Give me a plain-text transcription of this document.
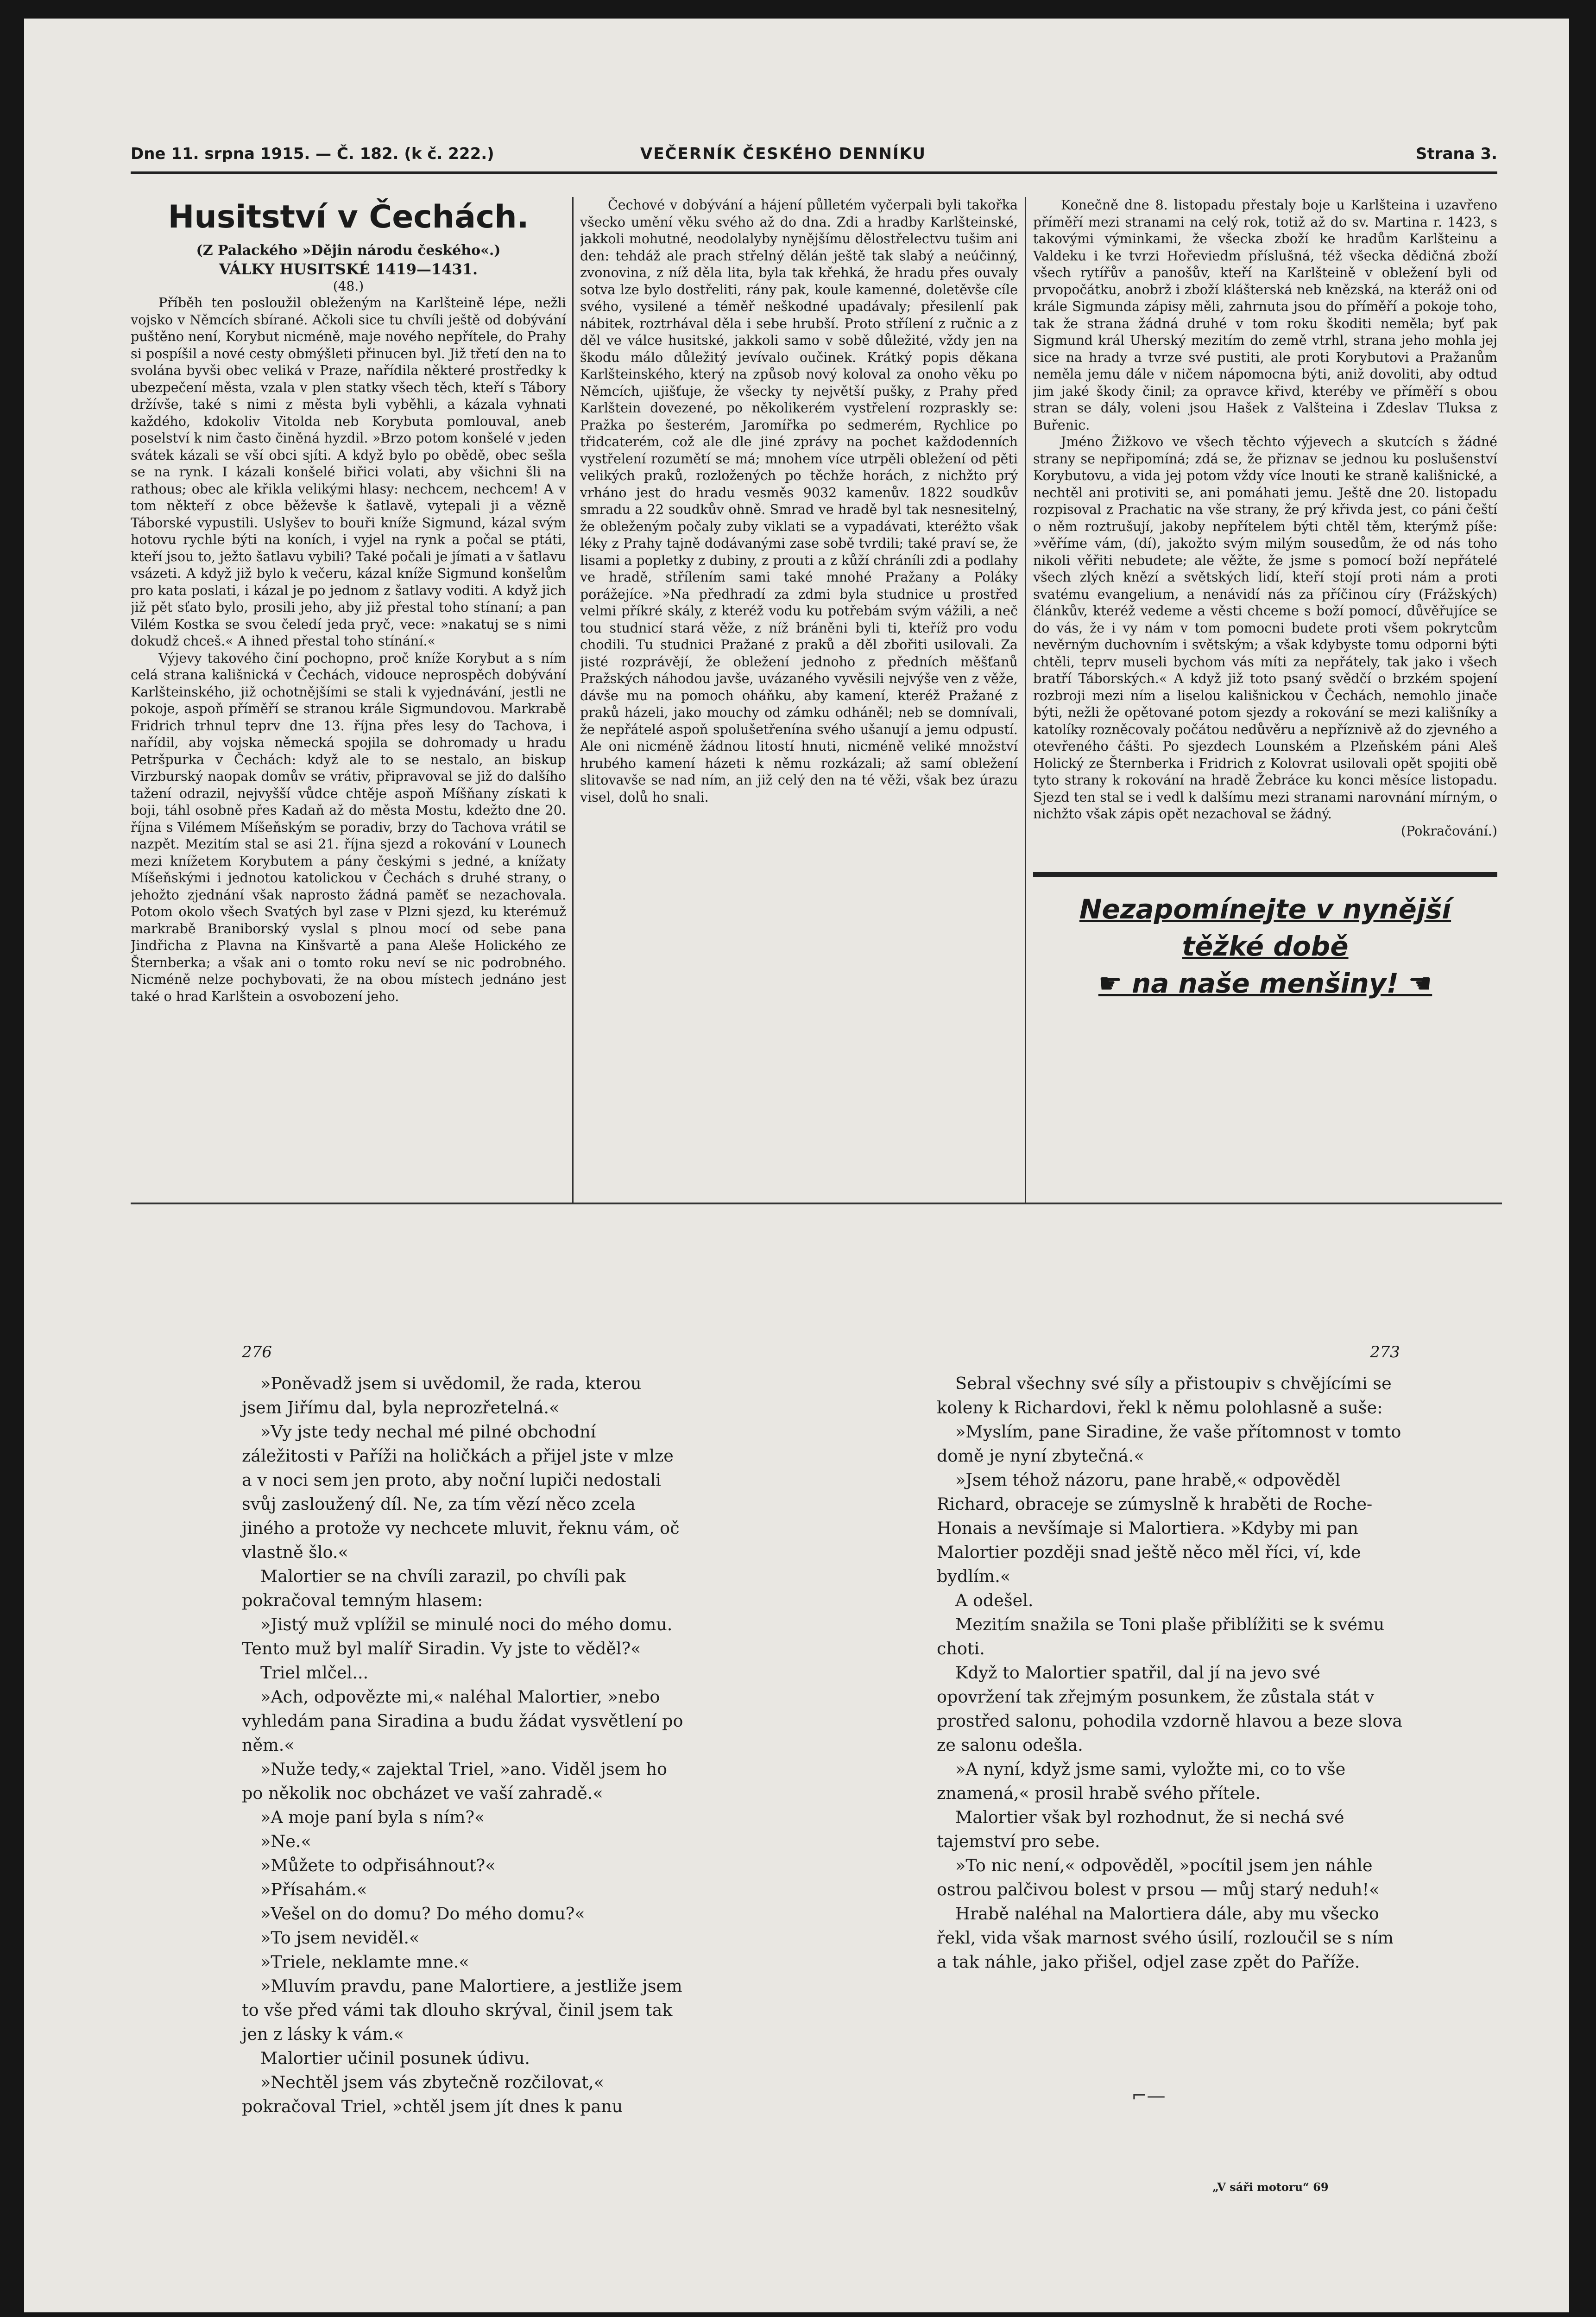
Dne 11. srpna 1915. — Č. 182. (k č. 222.)	VEČERNÍK ČESKÉHO DENNÍKU	Strana 3.
Husitství v Čechách.

(Z Palackého »Dějin národu českého«.)

VÁLKY HUSITSKÉ 1419—1431.

(48.)

Příběh ten posloužil obleženým na Karlšteině lépe, nežli vojsko v Němcích sbírané. Ačkoli sice tu chvíli ještě od dobývání puštěno není, Korybut nicméně, maje nového nepřítele, do Prahy si pospíšil a nové cesty obmýšleti přinucen byl. Již třetí den na to svolána byvši obec veliká v Praze, nařídila některé prostředky k ubezpečení města, vzala v plen statky všech těch, kteří s Tábory držívše, také s nimi z města byli vyběhli, a kázala vyhnati každého, kdokoliv Vitolda neb Korybuta pomlouval, aneb poselství k nim často činěná hyzdil. »Brzo potom konšelé v jeden svátek kázali se vší obci sjíti. A když bylo po obědě, obec sešla se na rynk. I kázali konšelé biřici volati, aby všichni šli na rathous; obec ale křikla velikými hlasy: nechcem, nechcem! A v tom někteří z obce běževše k šatlavě, vytepali ji a vězně Táborské vypustili. Uslyšev to bouři kníže Sigmund, kázal svým hotovu rychle býti na koních, i vyjel na rynk a počal se ptáti, kteří jsou to, ježto šatlavu vybili? Také počali je jímati a v šatlavu vsázeti. A když již bylo k večeru, kázal kníže Sigmund konšelům pro kata poslati, i kázal je po jednom z šatlavy voditi. A když jich již pět sťato bylo, prosili jeho, aby již přestal toho stínaní; a pan Vilém Kostka se svou čeledí jeda pryč, vece: »nakatuj se s nimi dokudž chceš.« A ihned přestal toho stínání.«

Výjevy takového činí pochopno, proč kníže Korybut a s ním celá strana kališnická v Čechách, vidouce neprospěch dobývání Karlšteinského, již ochotnějšími se stali k vyjednávání, jestli ne pokoje, aspoň příměří se stranou krále Sigmundovou. Markrabě Fridrich trhnul teprv dne 13. října přes lesy do Tachova, i nařídil, aby vojska německá spojila se dohromady u hradu Petršpurka v Čechách: když ale to se nestalo, an biskup Virzburský naopak domův se vrátiv, připravoval se již do dalšího tažení odrazil, nejvyšší vůdce chtěje aspoň Míšňany získati k boji, táhl osobně přes Kadaň až do města Mostu, kdežto dne 20. října s Vilémem Míšeňským se poradiv, brzy do Tachova vrátil se nazpět. Mezitím stal se asi 21. října sjezd a rokování v Lounech mezi knížetem Korybutem a pány českými s jedné, a knížaty Míšeňskými i jednotou katolickou v Čechách s druhé strany, o jehožto zjednání však naprosto žádná paměť se nezachovala. Potom okolo všech Svatých byl zase v Plzni sjezd, ku kterémuž markrabě Braniborský vyslal s plnou mocí od sebe pana Jindřicha z Plavna na Kinšvartě a pana Aleše Holického ze Šternberka; a však ani o tomto roku neví se nic podrobného. Nicméně nelze pochybovati, že na obou místech jednáno jest také o hrad Karlštein a osvobození jeho.

Čechové v dobývání a hájení půlletém vyčerpali byli takořka všecko umění věku svého až do dna. Zdi a hradby Karlšteinské, jakkoli mohutné, neodolalyby nynějšímu dělostřelectvu tušim ani den: tehdáž ale prach střelný dělán ještě tak slabý a neúčinný, zvonovina, z níž děla lita, byla tak křehká, že hradu přes ouvaly sotva lze bylo dostřeliti, rány pak, koule kamenné, doletěvše cíle svého, vysilené a téměř neškodné upadávaly; přesilenlí pak nábitek, roztrhával děla i sebe hrubší. Proto střílení z ručnic a z děl ve válce husitské, jakkoli samo v sobě důležité, vždy jen na škodu málo důležitý jevívalo oučinek. Krátký popis děkana Karlšteinského, který na způsob nový koloval za onoho věku po Němcích, ujišťuje, že všecky ty největší pušky, z Prahy před Karlštein dovezené, po několikerém vystřelení rozpraskly se: Pražka po šesterém, Jaromířka po sedmerém, Rychlice po třidcaterém, což ale dle jiné zprávy na pochet každodenních vystřelení rozumětí se má; mnohem více utrpěli obležení od pěti velikých praků, rozložených po těchže horách, z nichžto prý vrháno jest do hradu vesměs 9032 kamenův. 1822 soudkův smradu a 22 soudkův ohně. Smrad ve hradě byl tak nesnesitelný, že obleženým počaly zuby viklati se a vypadávati, kteréžto však léky z Prahy tajně dodávanými zase sobě tvrdili; také praví se, že lisami a popletky z dubiny, z prouti a z kůží chráníli zdi a podlahy ve hradě, střílením sami také mnohé Pražany a Poláky porážejíce. »Na předhradí za zdmi byla studnice u prostřed velmi příkré skály, z kteréž vodu ku potřebám svým vážili, a neč tou studnicí stará věže, z níž bráněni byli ti, kteříž pro vodu chodili. Tu studnici Pražané z praků a děl zbořiti usilovali. Za jisté rozprávějí, že obležení jednoho z předních měšťanů Pražských náhodou javše, uvázaného vyvěsili nejvýše ven z věže, dávše mu na pomoch oháňku, aby kamení, kteréž Pražané z praků házeli, jako mouchy od zámku odháněl; neb se domnívali, že nepřátelé aspoň spolušetřenína svého ušanují a jemu odpustí. Ale oni nicméně žádnou litostí hnuti, nicméně veliké množství hrubého kamení házeti k němu rozkázali; až samí obležení slitovavše se nad ním, an již celý den na té věži, však bez úrazu visel, dolů ho snali.

Konečně dne 8. listopadu přestaly boje u Karlšteina i uzavřeno příměří mezi stranami na celý rok, totiž až do sv. Martina r. 1423, s takovými výminkami, že všecka zboží ke hradům Karlšteinu a Valdeku i ke tvrzi Hořeviedm příslušná, též všecka dědičná zboží všech rytířův a panošův, kteří na Karlšteině v obležení byli od prvopočátku, anobrž i zboží klášterská neb knězská, na kteráž oni od krále Sigmunda zápisy měli, zahrnuta jsou do příměří a pokoje toho, tak že strana žádná druhé v tom roku škoditi neměla; byť pak Sigmund král Uherský mezitím do země vtrhl, strana jeho mohla jej sice na hrady a tvrze své pustiti, ale proti Korybutovi a Pražanům neměla jemu dále v ničem nápomocna býti, aniž dovoliti, aby odtud jim jaké škody činil; za opravce křivd, kteréby ve příměří s obou stran se dály, voleni jsou Hašek z Valšteina i Zdeslav Tluksa z Buřenic.

Jméno Žižkovo ve všech těchto výjevech a skutcích s žádné strany se nepřipomíná; zdá se, že přiznav se jednou ku poslušenství Korybutovu, a vida jej potom vždy více lnouti ke straně kališnické, a nechtěl ani protiviti se, ani pomáhati jemu. Ještě dne 20. listopadu rozpisoval z Prachatic na vše strany, že prý křivda jest, co páni čeští o něm roztrušují, jakoby nepřítelem býti chtěl těm, kterýmž píše: »věříme vám, (dí), jakožto svým milým sousedům, že od nás toho nikoli věřiti nebudete; ale věžte, že jsme s pomocí boží nepřátelé všech zlých knězí a světských lidí, kteří stojí proti nám a proti svatému evangelium, a nenávidí nás za příčinou círy (Frážských) článkův, kteréž vedeme a věsti chceme s boží pomocí, důvěřujíce se do vás, že i vy nám v tom pomocni budete proti všem pokrytcům nevěrným duchovním i světským; a však kdybyste tomu odporni býti chtěli, teprv museli bychom vás míti za nepřátely, tak jako i všech bratří Táborských.« A když již toto psaný svědčí o brzkém spojení rozbroji mezi ním a liselou kališnickou v Čechách, nemohlo jinače býti, nežli že opětované potom sjezdy a rokování se mezi kališníky a katolíky rozněcovaly počátou nedůvěru a nepříznivě až do zjevného a otevřeného čášti. Po sjezdech Lounském a Plzeňském páni Aleš Holický ze Šternberka i Fridrich z Kolovrat usilovali opět spojiti obě tyto strany k rokování na hradě Žebráce ku konci měsíce listopadu. Sjezd ten stal se i vedl k dalšímu mezi stranami narovnání mírným, o nichžto však zápis opět nezachoval se žádný.

(Pokračování.)

Nezapomínejte v nynější
těžké době
☛ na naše menšiny! ☚
276	273

»Poněvadž jsem si uvědomil, že rada, kterou jsem Jiřímu dal, byla neprozřetelná.«

»Vy jste tedy nechal mé pilné obchodní záležitosti v Paříži na holičkách a přijel jste v mlze a v noci sem jen proto, aby noční lupiči nedostali svůj zasloužený díl. Ne, za tím vězí něco zcela jiného a protože vy nechcete mluvit, řeknu vám, oč vlastně šlo.«

Malortier se na chvíli zarazil, po chvíli pak pokračoval temným hlasem:

»Jistý muž vplížil se minulé noci do mého domu. Tento muž byl malíř Siradin. Vy jste to věděl?«

Triel mlčel...

»Ach, odpovězte mi,« naléhal Malortier, »nebo vyhledám pana Siradina a budu žádat vysvětlení po něm.«

»Nuže tedy,« zajektal Triel, »ano. Viděl jsem ho po několik noc obcházet ve vaší zahradě.«

»A moje paní byla s ním?«

»Ne.«

»Můžete to odpřisáhnout?«

»Přísahám.«

»Vešel on do domu? Do mého domu?«

»To jsem neviděl.«

»Triele, neklamte mne.«

»Mluvím pravdu, pane Malortiere, a jestliže jsem to vše před vámi tak dlouho skrýval, činil jsem tak jen z lásky k vám.«

Malortier učinil posunek údivu.

»Nechtěl jsem vás zbytečně rozčilovat,« pokračoval Triel, »chtěl jsem jít dnes k panu

Sebral všechny své síly a přistoupiv s chvějícími se koleny k Richardovi, řekl k němu polohlasně a suše:

»Myslím, pane Siradine, že vaše přítomnost v tomto domě je nyní zbytečná.«

»Jsem téhož názoru, pane hrabě,« odpověděl Richard, obraceje se zúmyslně k hraběti de Roche-Honais a nevšímaje si Malortiera. »Kdyby mi pan Malortier později snad ještě něco měl říci, ví, kde bydlím.«

A odešel.

Mezitím snažila se Toni plaše přiblížiti se k svému choti.

Když to Malortier spatřil, dal jí na jevo své opovržení tak zřejmým posunkem, že zůstala stát v prostřed salonu, pohodila vzdorně hlavou a beze slova ze salonu odešla.

»A nyní, když jsme sami, vyložte mi, co to vše znamená,« prosil hrabě svého přítele.

Malortier však byl rozhodnut, že si nechá své tajemství pro sebe.

»To nic není,« odpověděl, »pocítil jsem jen náhle ostrou palčivou bolest v prsou — můj starý neduh!«

Hrabě naléhal na Malortiera dále, aby mu všecko řekl, vida však marnost svého úsilí, rozloučil se s ním a tak náhle, jako přišel, odjel zase zpět do Paříže.

⌐—
„V sáři motoru“ 69
